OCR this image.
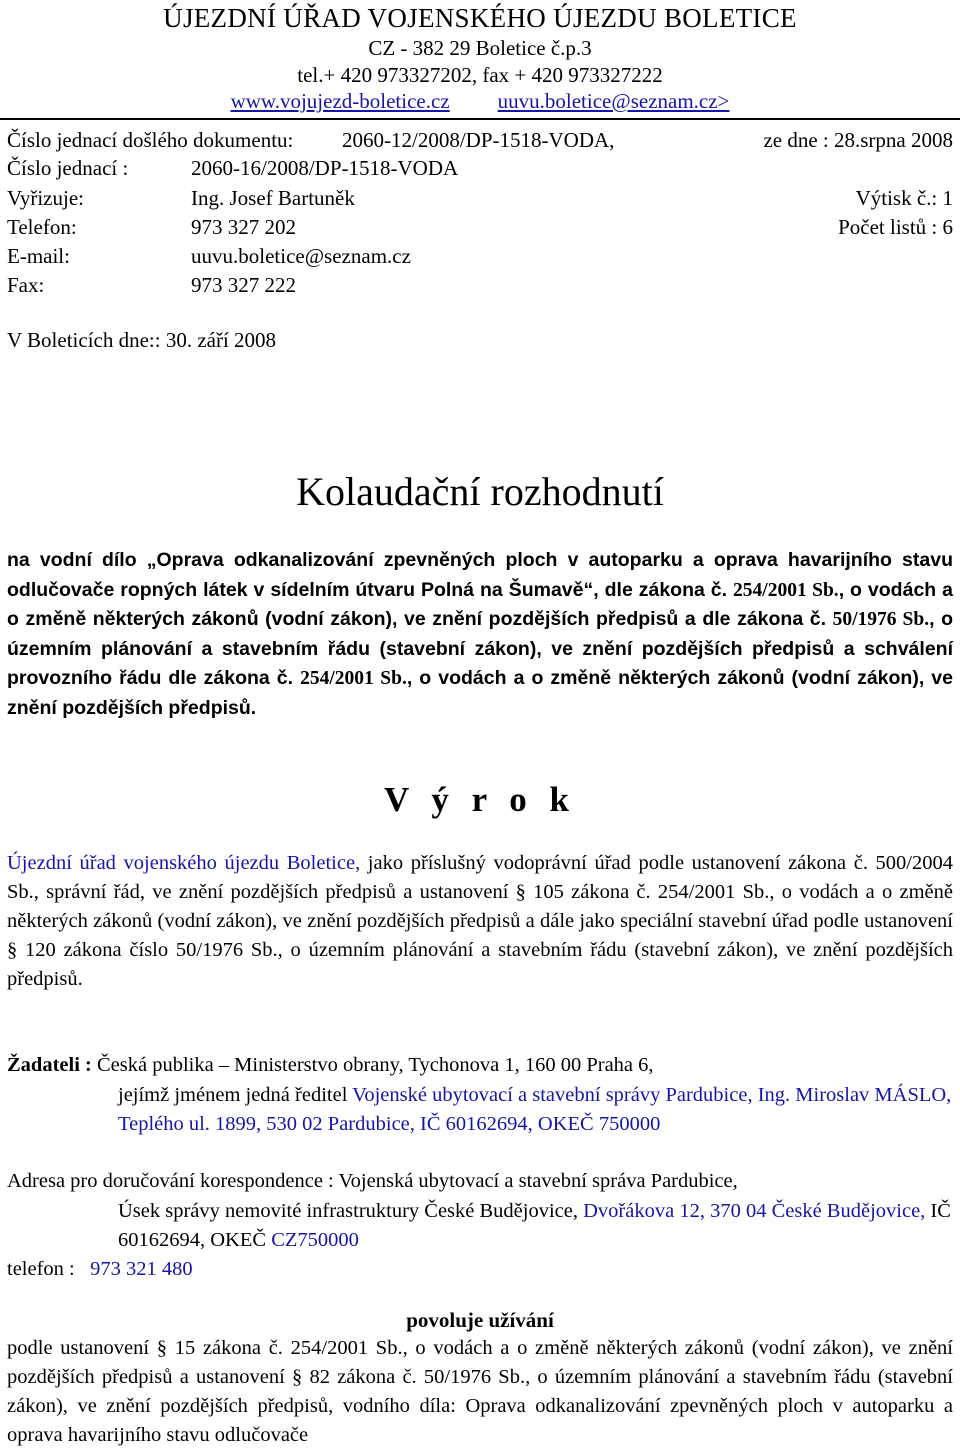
ÚJEZDNÍ ÚŘAD VOJENSKÉHO ÚJEZDU BOLETICE
CZ - 382 29 Boletice č.p.3
tel.+ 420 973327202, fax + 420 973327222
www.vojujezd-boletice.cz uuvu.boletice@seznam.cz>
Číslo jednací došlého dokumentu: 2060-12/2008/DP-1518-VODA,	ze dne : 28.srpna 2008
Číslo jednací :	2060-16/2008/DP-1518-VODA
Vyřizuje:	Ing. Josef Bartuněk	Výtisk č.: 1
Telefon:	973 327 202	Počet listů : 6
E-mail:	uuvu.boletice@seznam.cz
Fax:	973 327 222
V Boleticích dne:: 30. září 2008
Kolaudační rozhodnutí
na vodní dílo „Oprava odkanalizování zpevněných ploch v autoparku a oprava havarijního stavu odlučovače ropných látek v sídelním útvaru Polná na Šumavě“, dle zákona č. 254/2001 Sb., o vodách a o změně některých zákonů (vodní zákon), ve znění pozdějších předpisů a dle zákona č. 50/1976 Sb., o územním plánování a stavebním řádu (stavební zákon), ve znění pozdějších předpisů a schválení provozního řádu dle zákona č. 254/2001 Sb., o vodách a o změně některých zákonů (vodní zákon), ve znění pozdějších předpisů.
V ý r o k
Újezdní úřad vojenského újezdu Boletice, jako příslušný vodoprávní úřad podle ustanovení zákona č. 500/2004 Sb., správní řád, ve znění pozdějších předpisů a ustanovení § 105 zákona č. 254/2001 Sb., o vodách a o změně některých zákonů (vodní zákon), ve znění pozdějších předpisů a dále jako speciální stavební úřad podle ustanovení § 120 zákona číslo 50/1976 Sb., o územním plánování a stavebním řádu (stavební zákon), ve znění pozdějších předpisů.
Žadateli : Česká publika – Ministerstvo obrany, Tychonova 1, 160 00 Praha 6,
jejímž jménem jedná ředitel Vojenské ubytovací a stavební správy Pardubice, Ing. Miroslav MÁSLO, Teplého ul. 1899, 530 02 Pardubice, IČ 60162694, OKEČ 750000
Adresa pro doručování korespondence : Vojenská ubytovací a stavební správa Pardubice,
Úsek správy nemovité infrastruktury České Budějovice, Dvořákova 12, 370 04 České Budějovice, IČ 60162694, OKEČ CZ750000
telefon : 973 321 480
povoluje užívání
podle ustanovení § 15 zákona č. 254/2001 Sb., o vodách a o změně některých zákonů (vodní zákon), ve znění pozdějších předpisů a ustanovení § 82 zákona č. 50/1976 Sb., o územním plánování a stavebním řádu (stavební zákon), ve znění pozdějších předpisů, vodního díla: Oprava odkanalizování zpevněných ploch v autoparku a oprava havarijního stavu odlučovače
